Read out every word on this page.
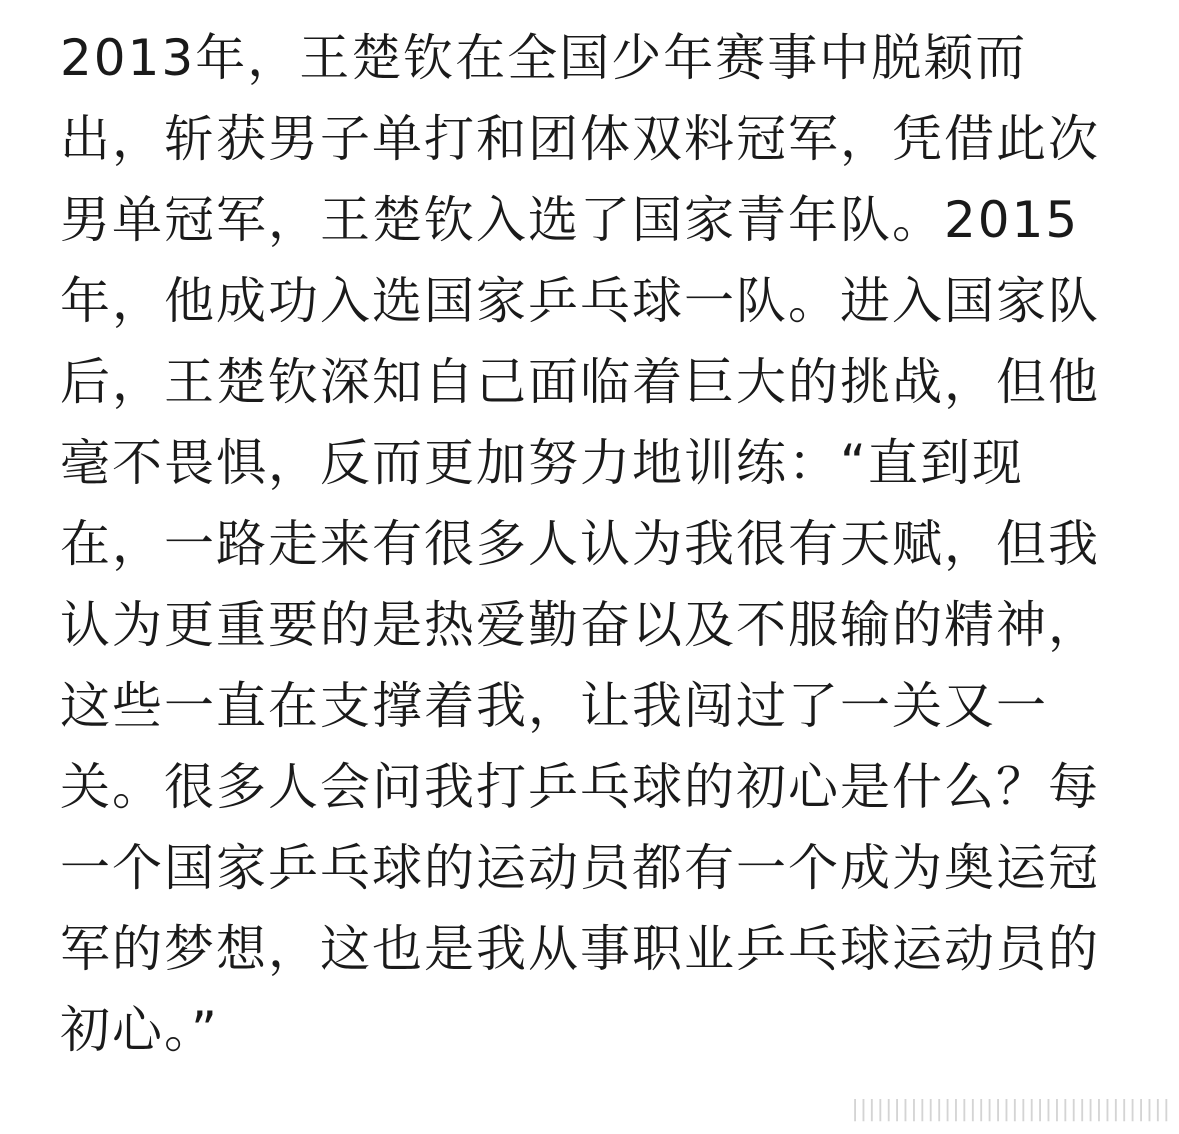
2013年，王楚钦在全国少年赛事中脱颖而
出，斩获男子单打和团体双料冠军，凭借此次
男单冠军，王楚钦入选了国家青年队。2015
年，他成功入选国家乒乓球一队。进入国家队
后，王楚钦深知自己面临着巨大的挑战，但他
毫不畏惧，反而更加努力地训练：“直到现
在，一路走来有很多人认为我很有天赋，但我
认为更重要的是热爱勤奋以及不服输的精神，
这些一直在支撑着我，让我闯过了一关又一
关。很多人会问我打乒乓球的初心是什么？每
一个国家乒乓球的运动员都有一个成为奥运冠
军的梦想，这也是我从事职业乒乓球运动员的
初心。”
||||||||||||||||||||||||||||||||||||||
